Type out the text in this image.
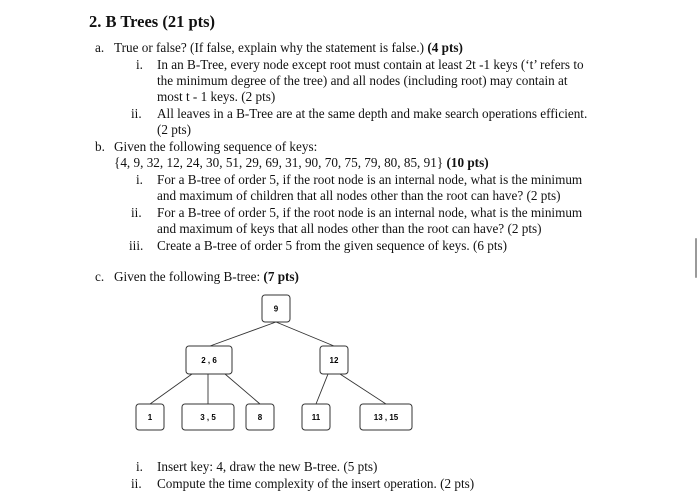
2. B Trees (21 pts)
a. True or false? (If false, explain why the statement is false.) (4 pts)
i. In an B-Tree, every node except root must contain at least 2t -1 keys (‘t’ refers to
the minimum degree of the tree) and all nodes (including root) may contain at
most t - 1 keys. (2 pts)
ii. All leaves in a B-Tree are at the same depth and make search operations efficient.
(2 pts)
b. Given the following sequence of keys:
{4, 9, 32, 12, 24, 30, 51, 29, 69, 31, 90, 70, 75, 79, 80, 85, 91} (10 pts)
i. For a B-tree of order 5, if the root node is an internal node, what is the minimum
and maximum of children that all nodes other than the root can have? (2 pts)
ii. For a B-tree of order 5, if the root node is an internal node, what is the minimum
and maximum of keys that all nodes other than the root can have? (2 pts)
iii. Create a B-tree of order 5 from the given sequence of keys. (6 pts)
c. Given the following B-tree: (7 pts)
9
2 , 6	12
1	3 , 5	8	11	13 , 15
i. Insert key: 4, draw the new B-tree. (5 pts)
ii. Compute the time complexity of the insert operation. (2 pts)
